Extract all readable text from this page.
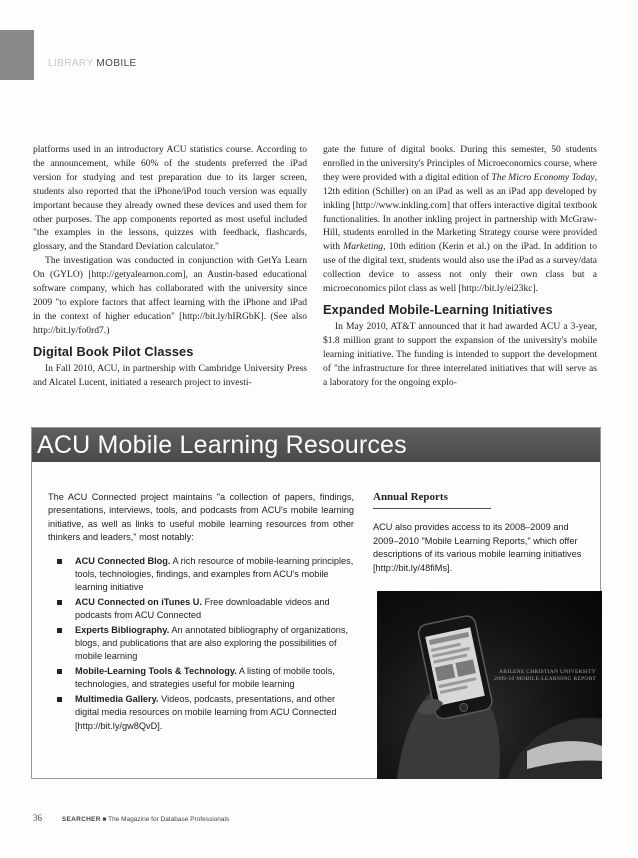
LIBRARY MOBILE

platforms used in an introductory ACU statistics course. According to the announcement, while 60% of the students preferred the iPad version for studying and test preparation due to its larger screen, students also reported that the iPhone/iPod touch version was equally important because they already owned these devices and used them for other purposes. The app components reported as most useful included "the examples in the lessons, quizzes with feedback, flashcards, glossary, and the Standard Deviation calculator."

The investigation was conducted in conjunction with GetYa Learn On (GYLO) [http://getyalearnon.com], an Austin-based educational software company, which has collaborated with the university since 2009 "to explore factors that affect learning with the iPhone and iPad in the context of higher education" [http://bit.ly/hIRGbK]. (See also http://bit.ly/fo0rd7.)

Digital Book Pilot Classes

In Fall 2010, ACU, in partnership with Cambridge University Press and Alcatel Lucent, initiated a research project to investi-

gate the future of digital books. During this semester, 50 students enrolled in the university's Principles of Microeconomics course, where they were provided with a digital edition of The Micro Economy Today, 12th edition (Schiller) on an iPad as well as an iPad app developed by inkling [http://www.inkling.com] that offers interactive digital textbook functionalities. In another inkling project in partnership with McGraw-Hill, students enrolled in the Marketing Strategy course were provided with Marketing, 10th edition (Kerin et al.) on the iPad. In addition to use of the digital text, students would also use the iPad as a survey/data collection device to assess not only their own class but a microeconomics pilot class as well [http://bit.ly/ei23kc].

Expanded Mobile-Learning Initiatives

In May 2010, AT&T announced that it had awarded ACU a 3-year, $1.8 million grant to support the expansion of the university's mobile learning initiative. The funding is intended to support the development of "the infrastructure for three interrelated initiatives that will serve as a laboratory for the ongoing explo-

ACU Mobile Learning Resources

The ACU Connected project maintains "a collection of papers, findings, presentations, interviews, tools, and podcasts from ACU's mobile learning initiative, as well as links to useful mobile learning resources from other thinkers and leaders," most notably:

ACU Connected Blog. A rich resource of mobile-learning principles, tools, technologies, findings, and examples from ACU's mobile learning initiative
ACU Connected on iTunes U. Free downloadable videos and podcasts from ACU Connected
Experts Bibliography. An annotated bibliography of organizations, blogs, and publications that are also exploring the possibilities of mobile learning
Mobile-Learning Tools & Technology. A listing of mobile tools, technologies, and strategies useful for mobile learning
Multimedia Gallery. Videos, podcasts, presentations, and other digital media resources on mobile learning from ACU Connected [http://bit.ly/gw8QvD].
Annual Reports

ACU also provides access to its 2008–2009 and 2009–2010 "Mobile Learning Reports," which offer descriptions of its various mobile learning initiatives [http://bit.ly/48fiMs].

ABILENE CHRISTIAN UNIVERSITY
2009-10 MOBILE-LEARNING REPORT
36	SEARCHER ■ The Magazine for Database Professionals
